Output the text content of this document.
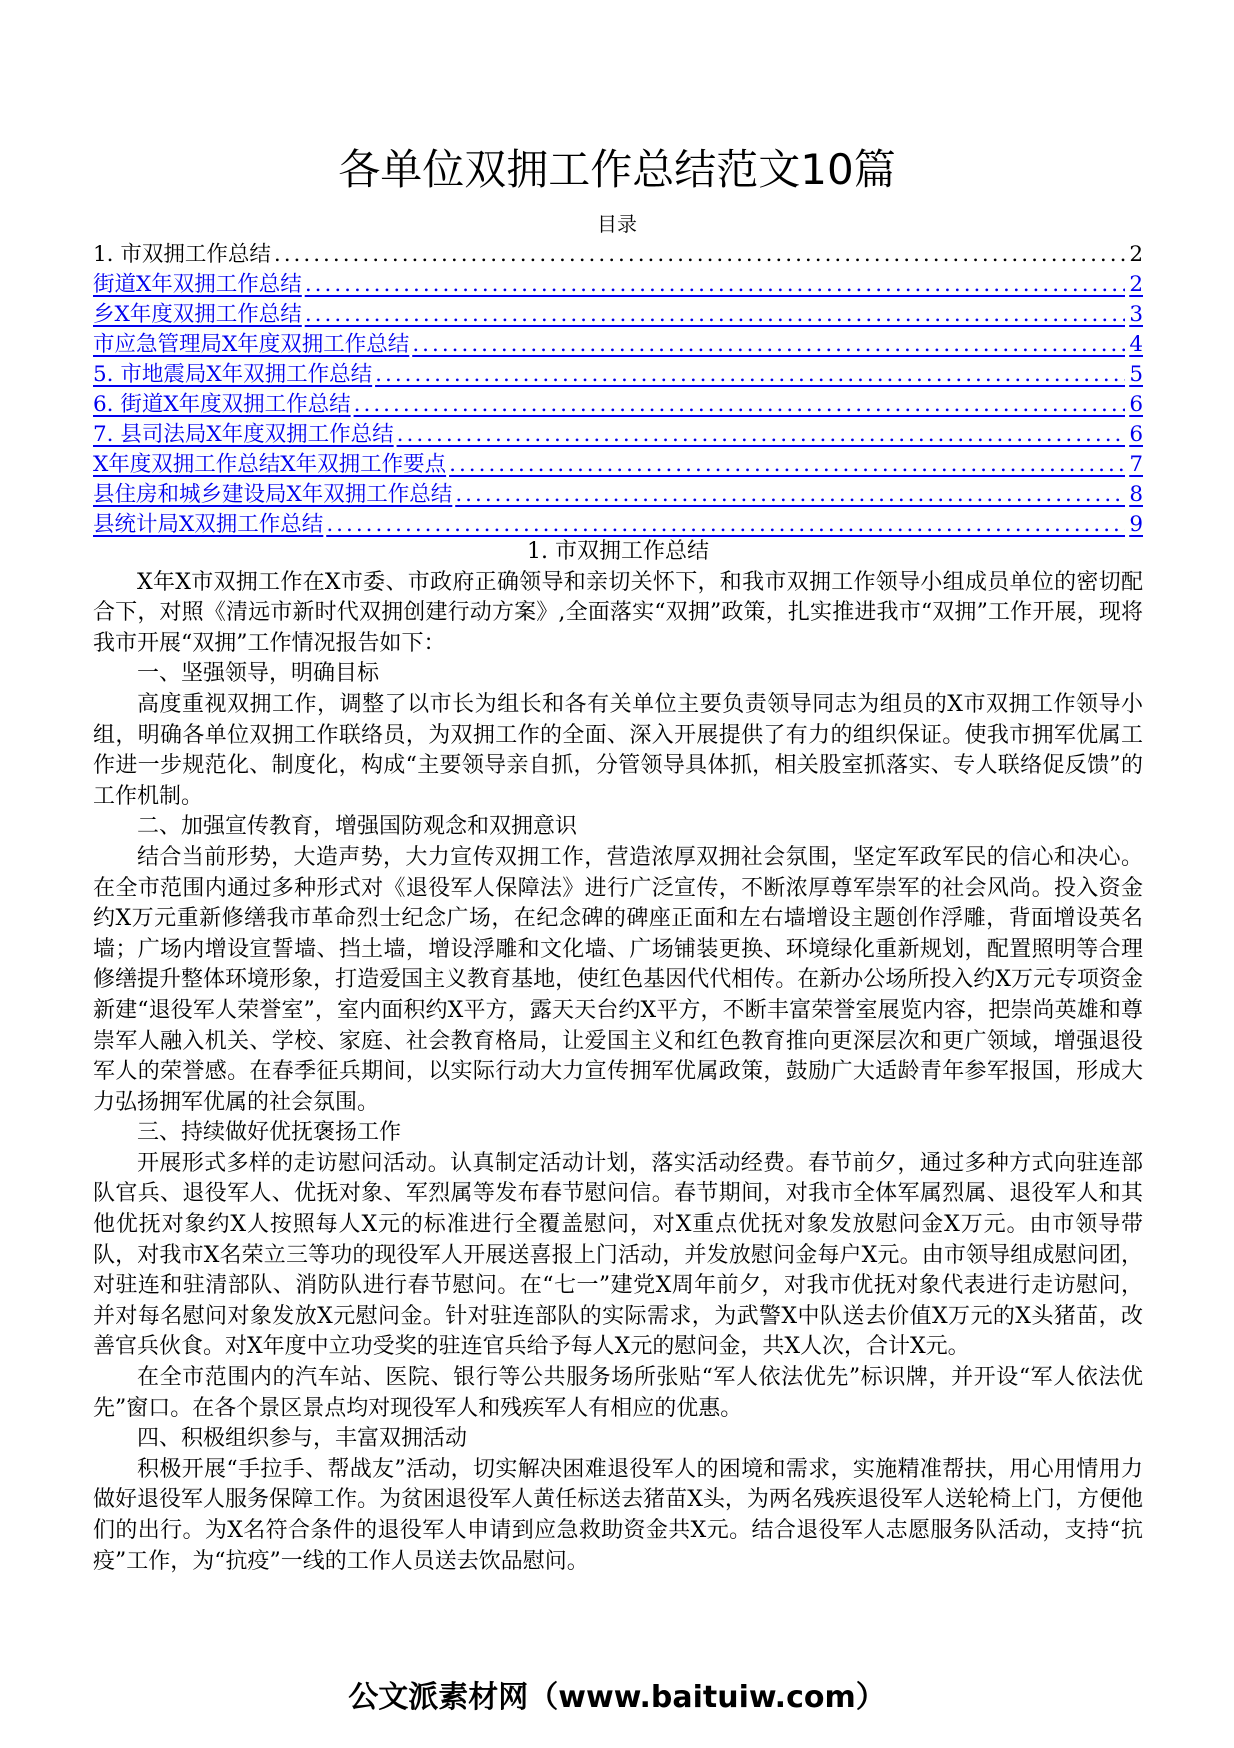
各单位双拥工作总结范文10篇
目录
1. 市双拥工作总结 .....	2
街道X年双拥工作总结 .....	2
乡X年度双拥工作总结 .....	3
市应急管理局X年度双拥工作总结 .....	4
5. 市地震局X年双拥工作总结 .....	5
6. 街道X年度双拥工作总结 .....	6
7. 县司法局X年度双拥工作总结 .....	6
X年度双拥工作总结X年双拥工作要点 .....	7
县住房和城乡建设局X年双拥工作总结 .....	8
县统计局X双拥工作总结 .....	9

1. 市双拥工作总结

X年X市双拥工作在X市委、市政府正确领导和亲切关怀下，和我市双拥工作领导小组成员单位的密切配合下，对照《清远市新时代双拥创建行动方案》,全面落实“双拥”政策，扎实推进我市“双拥”工作开展，现将我市开展“双拥”工作情况报告如下：

一、坚强领导，明确目标

高度重视双拥工作，调整了以市长为组长和各有关单位主要负责领导同志为组员的X市双拥工作领导小组，明确各单位双拥工作联络员，为双拥工作的全面、深入开展提供了有力的组织保证。使我市拥军优属工作进一步规范化、制度化，构成“主要领导亲自抓，分管领导具体抓，相关股室抓落实、专人联络促反馈”的工作机制。

二、加强宣传教育，增强国防观念和双拥意识

结合当前形势，大造声势，大力宣传双拥工作，营造浓厚双拥社会氛围，坚定军政军民的信心和决心。在全市范围内通过多种形式对《退役军人保障法》进行广泛宣传，不断浓厚尊军崇军的社会风尚。投入资金约X万元重新修缮我市革命烈士纪念广场，在纪念碑的碑座正面和左右墙增设主题创作浮雕，背面增设英名墙；广场内增设宣誓墙、挡土墙，增设浮雕和文化墙、广场铺装更换、环境绿化重新规划，配置照明等合理修缮提升整体环境形象，打造爱国主义教育基地，使红色基因代代相传。在新办公场所投入约X万元专项资金新建“退役军人荣誉室”，室内面积约X平方，露天天台约X平方，不断丰富荣誉室展览内容，把崇尚英雄和尊崇军人融入机关、学校、家庭、社会教育格局，让爱国主义和红色教育推向更深层次和更广领域，增强退役军人的荣誉感。在春季征兵期间，以实际行动大力宣传拥军优属政策，鼓励广大适龄青年参军报国，形成大力弘扬拥军优属的社会氛围。

三、持续做好优抚褒扬工作

开展形式多样的走访慰问活动。认真制定活动计划，落实活动经费。春节前夕，通过多种方式向驻连部队官兵、退役军人、优抚对象、军烈属等发布春节慰问信。春节期间，对我市全体军属烈属、退役军人和其他优抚对象约X人按照每人X元的标准进行全覆盖慰问，对X重点优抚对象发放慰问金X万元。由市领导带队，对我市X名荣立三等功的现役军人开展送喜报上门活动，并发放慰问金每户X元。由市领导组成慰问团，对驻连和驻清部队、消防队进行春节慰问。在“七一”建党X周年前夕，对我市优抚对象代表进行走访慰问，并对每名慰问对象发放X元慰问金。针对驻连部队的实际需求，为武警X中队送去价值X万元的X头猪苗，改善官兵伙食。对X年度中立功受奖的驻连官兵给予每人X元的慰问金，共X人次，合计X元。

在全市范围内的汽车站、医院、银行等公共服务场所张贴“军人依法优先”标识牌，并开设“军人依法优先”窗口。在各个景区景点均对现役军人和残疾军人有相应的优惠。

四、积极组织参与，丰富双拥活动

积极开展“手拉手、帮战友”活动，切实解决困难退役军人的困境和需求，实施精准帮扶，用心用情用力做好退役军人服务保障工作。为贫困退役军人黄任标送去猪苗X头，为两名残疾退役军人送轮椅上门，方便他们的出行。为X名符合条件的退役军人申请到应急救助资金共X元。结合退役军人志愿服务队活动，支持“抗疫”工作，为“抗疫”一线的工作人员送去饮品慰问。

公文派素材网（www.baituiw.com）
